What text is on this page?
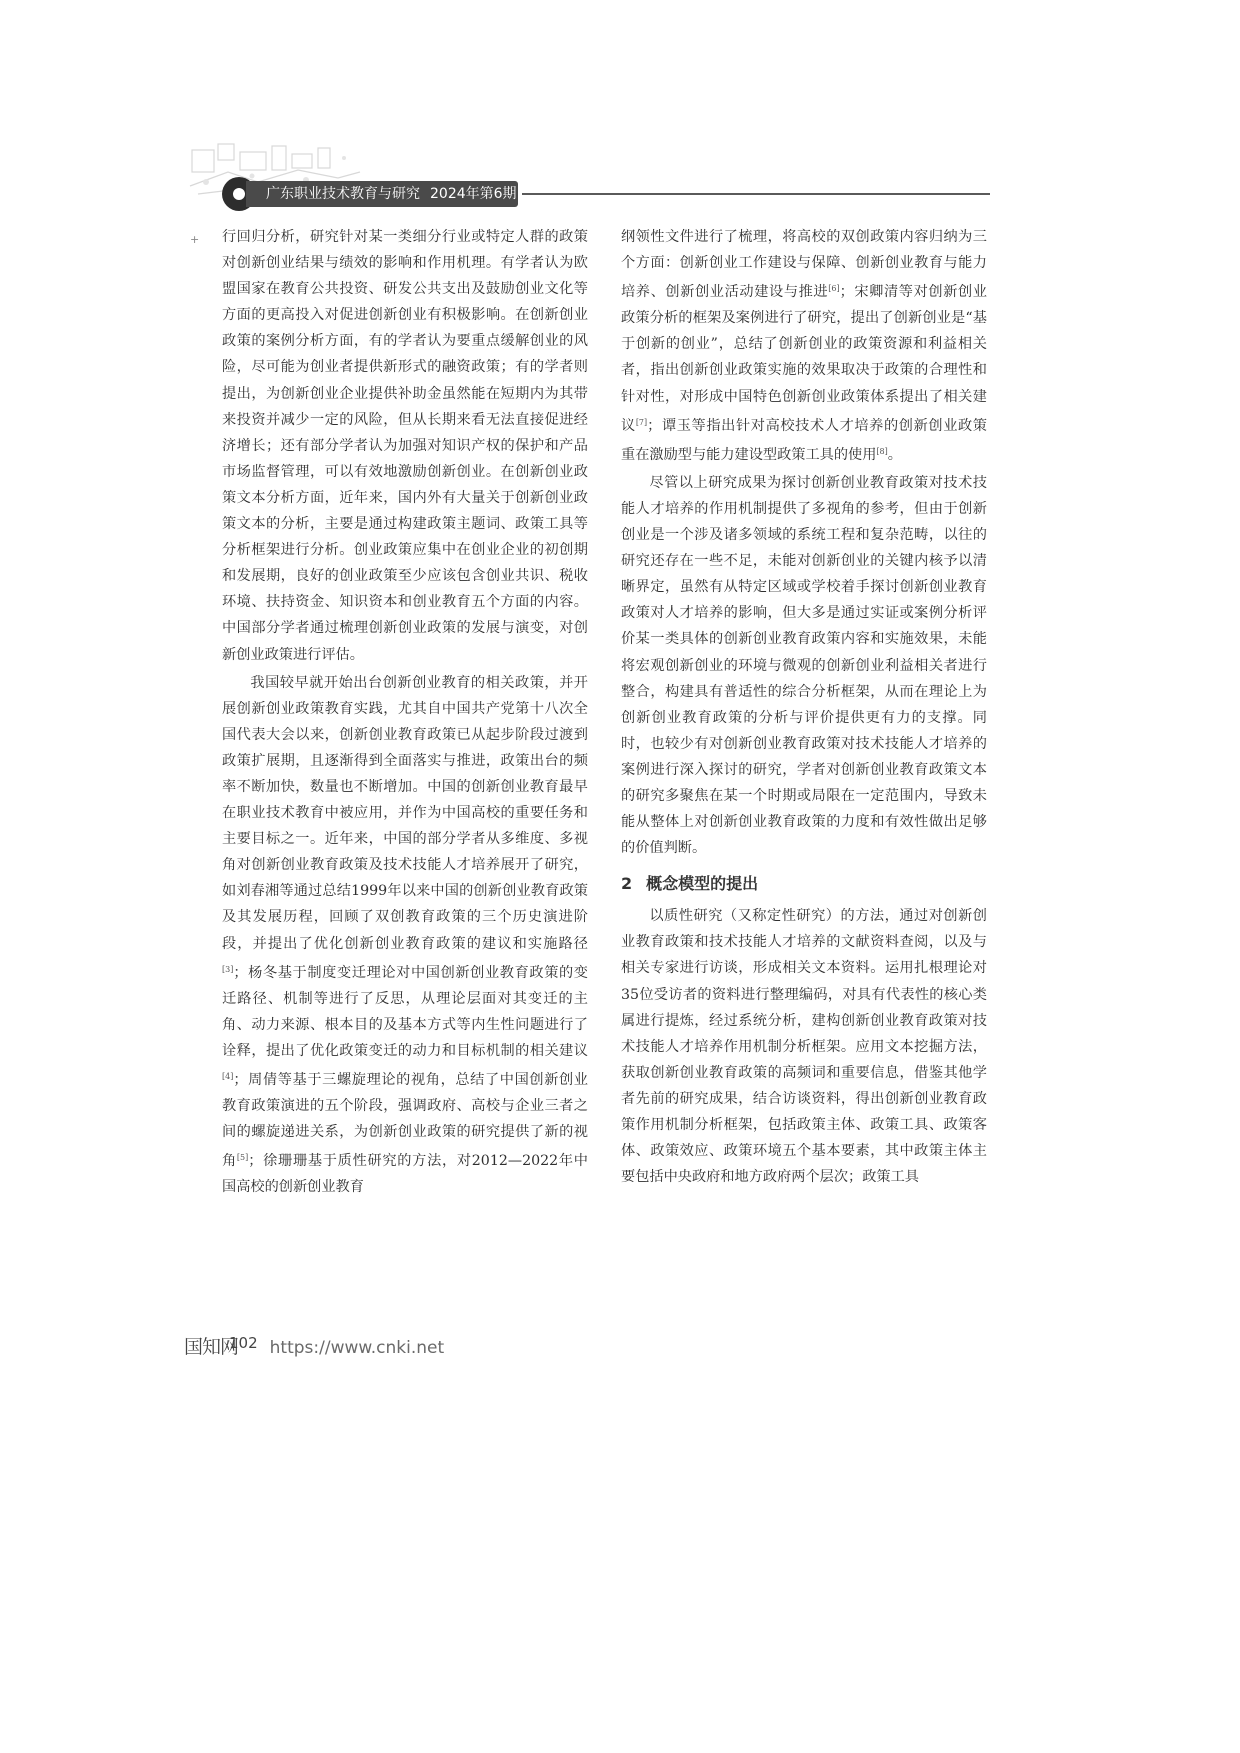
广东职业技术教育与研究 2024年第6期
+ 行回归分析，研究针对某一类细分行业或特定人群的政策对创新创业结果与绩效的影响和作用机理。有学者认为欧盟国家在教育公共投资、研发公共支出及鼓励创业文化等方面的更高投入对促进创新创业有积极影响。在创新创业政策的案例分析方面，有的学者认为要重点缓解创业的风险，尽可能为创业者提供新形式的融资政策；有的学者则提出，为创新创业企业提供补助金虽然能在短期内为其带来投资并减少一定的风险，但从长期来看无法直接促进经济增长；还有部分学者认为加强对知识产权的保护和产品市场监督管理，可以有效地激励创新创业。在创新创业政策文本分析方面，近年来，国内外有大量关于创新创业政策文本的分析，主要是通过构建政策主题词、政策工具等分析框架进行分析。创业政策应集中在创业企业的初创期和发展期，良好的创业政策至少应该包含创业共识、税收环境、扶持资金、知识资本和创业教育五个方面的内容。中国部分学者通过梳理创新创业政策的发展与演变，对创新创业政策进行评估。

我国较早就开始出台创新创业教育的相关政策，并开展创新创业政策教育实践，尤其自中国共产党第十八次全国代表大会以来，创新创业教育政策已从起步阶段过渡到政策扩展期，且逐渐得到全面落实与推进，政策出台的频率不断加快，数量也不断增加。中国的创新创业教育最早在职业技术教育中被应用，并作为中国高校的重要任务和主要目标之一。近年来，中国的部分学者从多维度、多视角对创新创业教育政策及技术技能人才培养展开了研究，如刘春湘等通过总结1999年以来中国的创新创业教育政策及其发展历程，回顾了双创教育政策的三个历史演进阶段，并提出了优化创新创业教育政策的建议和实施路径[3]；杨冬基于制度变迁理论对中国创新创业教育政策的变迁路径、机制等进行了反思，从理论层面对其变迁的主角、动力来源、根本目的及基本方式等内生性问题进行了诠释，提出了优化政策变迁的动力和目标机制的相关建议[4]；周倩等基于三螺旋理论的视角，总结了中国创新创业教育政策演进的五个阶段，强调政府、高校与企业三者之间的螺旋递进关系，为创新创业政策的研究提供了新的视角[5]；徐珊珊基于质性研究的方法，对2012—2022年中国高校的创新创业教育

纲领性文件进行了梳理，将高校的双创政策内容归纳为三个方面：创新创业工作建设与保障、创新创业教育与能力培养、创新创业活动建设与推进[6]；宋卿清等对创新创业政策分析的框架及案例进行了研究，提出了创新创业是“基于创新的创业”，总结了创新创业的政策资源和利益相关者，指出创新创业政策实施的效果取决于政策的合理性和针对性，对形成中国特色创新创业政策体系提出了相关建议[7]；谭玉等指出针对高校技术人才培养的创新创业政策重在激励型与能力建设型政策工具的使用[8]。

尽管以上研究成果为探讨创新创业教育政策对技术技能人才培养的作用机制提供了多视角的参考，但由于创新创业是一个涉及诸多领域的系统工程和复杂范畴，以往的研究还存在一些不足，未能对创新创业的关键内核予以清晰界定，虽然有从特定区域或学校着手探讨创新创业教育政策对人才培养的影响，但大多是通过实证或案例分析评价某一类具体的创新创业教育政策内容和实施效果，未能将宏观创新创业的环境与微观的创新创业利益相关者进行整合，构建具有普适性的综合分析框架，从而在理论上为创新创业教育政策的分析与评价提供更有力的支撑。同时，也较少有对创新创业教育政策对技术技能人才培养的案例进行深入探讨的研究，学者对创新创业教育政策文本的研究多聚焦在某一个时期或局限在一定范围内，导致未能从整体上对创新创业教育政策的力度和有效性做出足够的价值判断。

2 概念模型的提出

以质性研究（又称定性研究）的方法，通过对创新创业教育政策和技术技能人才培养的文献资料查阅，以及与相关专家进行访谈，形成相关文本资料。运用扎根理论对35位受访者的资料进行整理编码，对具有代表性的核心类属进行提炼，经过系统分析，建构创新创业教育政策对技术技能人才培养作用机制分析框架。应用文本挖掘方法，获取创新创业教育政策的高频词和重要信息，借鉴其他学者先前的研究成果，结合访谈资料，得出创新创业教育政策作用机制分析框架，包括政策主体、政策工具、政策客体、政策效应、政策环境五个基本要素，其中政策主体主要包括中央政府和地方政府两个层次；政策工具

国知网102 https://www.cnki.net
